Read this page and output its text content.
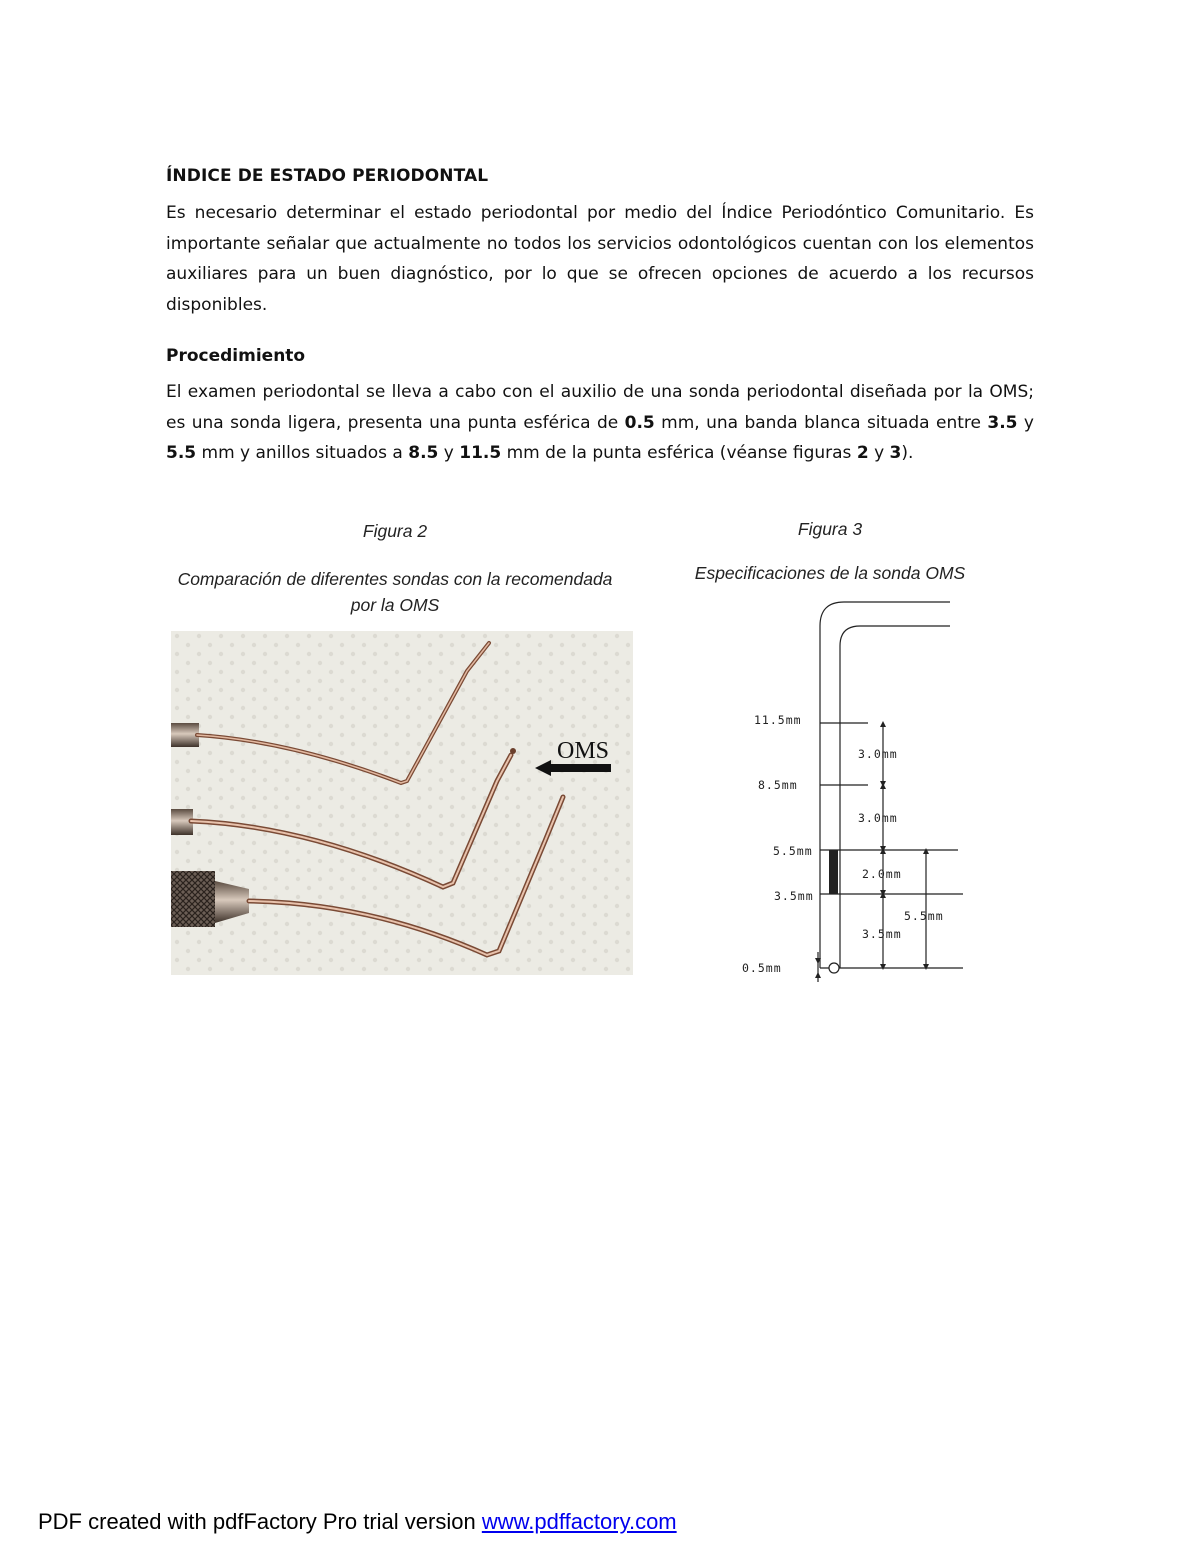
ÍNDICE DE ESTADO PERIODONTAL
Es necesario determinar el estado periodontal por medio del Índice Periodóntico Comunitario. Es importante señalar que actualmente no todos los servicios odontológicos cuentan con los elementos auxiliares para un buen diagnóstico, por lo que se ofrecen opciones de acuerdo a los recursos disponibles.
Procedimiento
El examen periodontal se lleva a cabo con el auxilio de una sonda periodontal diseñada por la OMS; es una sonda ligera, presenta una punta esférica de 0.5 mm, una banda blanca situada entre 3.5 y 5.5 mm y anillos situados a 8.5 y 11.5 mm de la punta esférica (véanse figuras 2 y 3).
Figura 2
Comparación de diferentes sondas con la recomendada por la OMS
OMS
Figura 3
Especificaciones de la sonda OMS
11.5mm
8.5mm
5.5mm
3.5mm
0.5mm
3.0mm
3.0mm
2.0mm
5.5mm
3.5mm
PDF created with pdfFactory Pro trial version www.pdffactory.com
